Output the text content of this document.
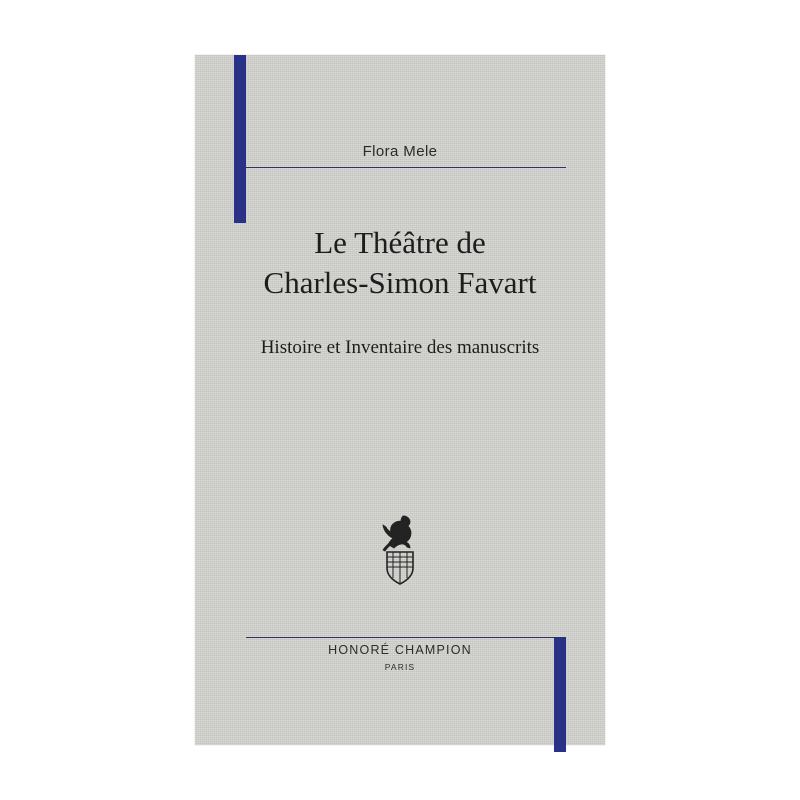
Flora Mele
Le Théâtre de
Charles-Simon Favart
Histoire et Inventaire des manuscrits
HONORÉ CHAMPION
PARIS
